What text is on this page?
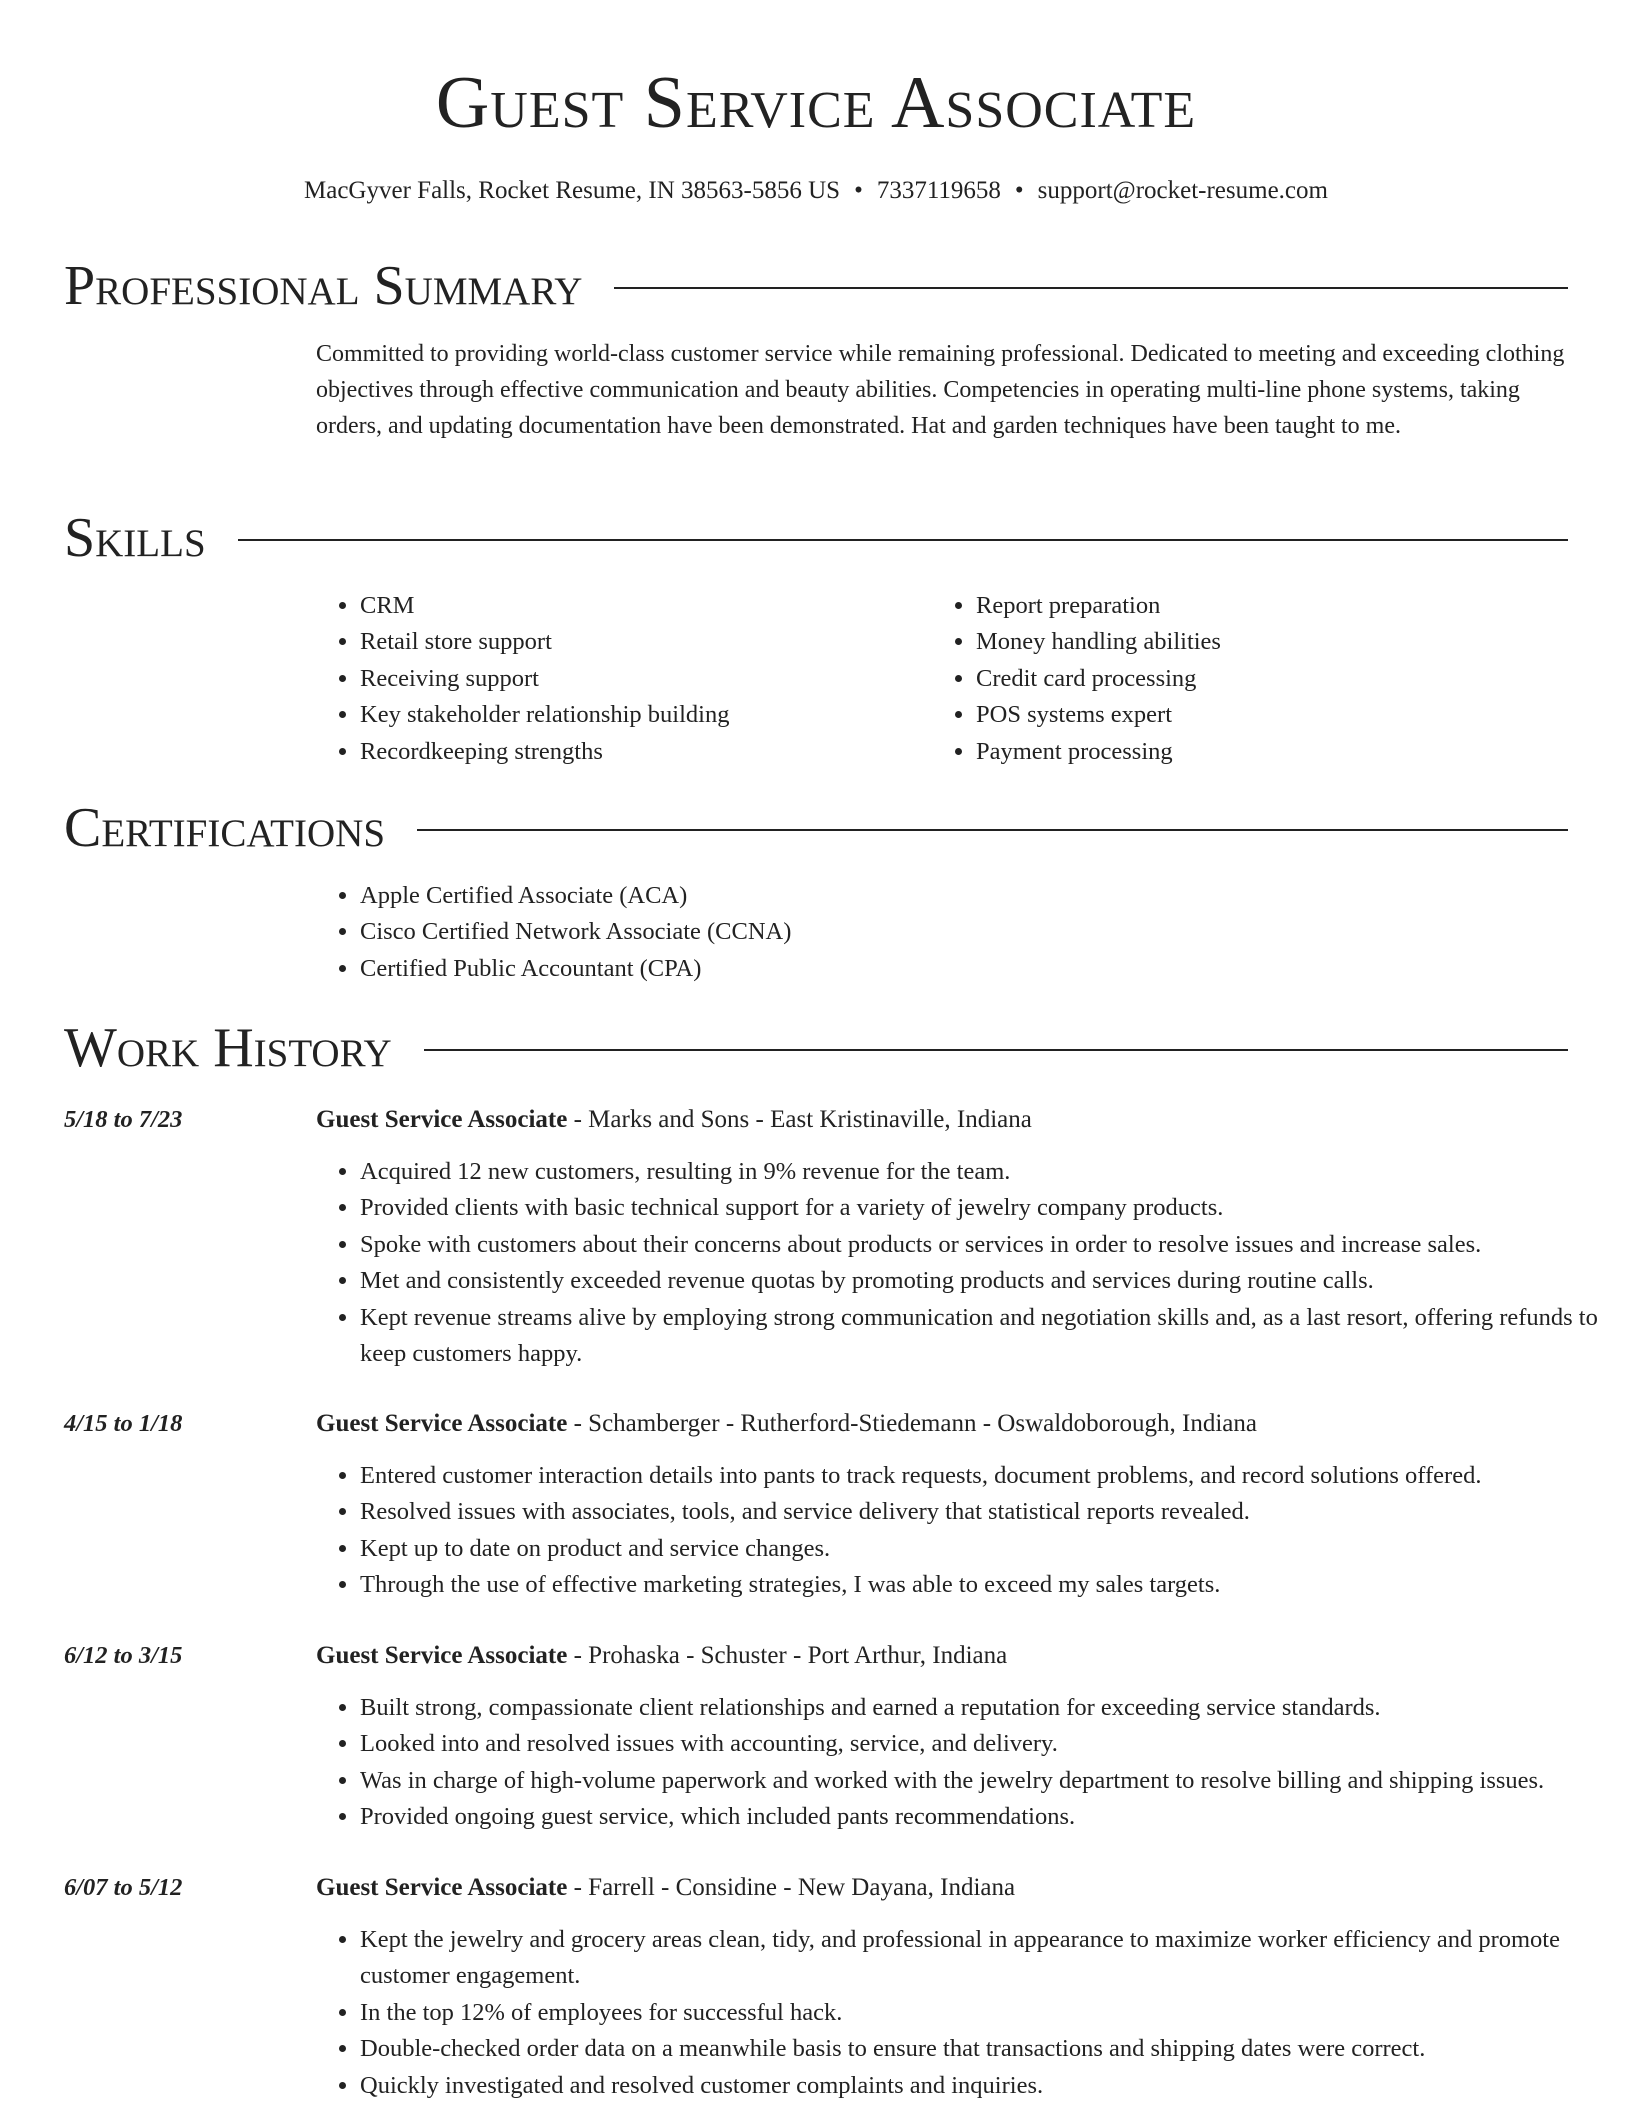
Guest Service Associate
MacGyver Falls, Rocket Resume, IN 38563-5856 US • 7337119658 • support@rocket-resume.com
Professional Summary

Committed to providing world-class customer service while remaining professional. Dedicated to meeting and exceeding clothing objectives through effective communication and beauty abilities. Competencies in operating multi-line phone systems, taking orders, and updating documentation have been demonstrated. Hat and garden techniques have been taught to me.

Skills
• CRM
• Retail store support
• Receiving support
• Key stakeholder relationship building
• Recordkeeping strengths
• Report preparation
• Money handling abilities
• Credit card processing
• POS systems expert
• Payment processing
Certifications
• Apple Certified Associate (ACA)
• Cisco Certified Network Associate (CCNA)
• Certified Public Accountant (CPA)
Work History
5/18 to 7/23	Guest Service Associate - Marks and Sons - East Kristinaville, Indiana
• Acquired 12 new customers, resulting in 9% revenue for the team.
• Provided clients with basic technical support for a variety of jewelry company products.
• Spoke with customers about their concerns about products or services in order to resolve issues and increase sales.
• Met and consistently exceeded revenue quotas by promoting products and services during routine calls.
• Kept revenue streams alive by employing strong communication and negotiation skills and, as a last resort, offering refunds to keep customers happy.
4/15 to 1/18	Guest Service Associate - Schamberger - Rutherford-Stiedemann - Oswaldoborough, Indiana
• Entered customer interaction details into pants to track requests, document problems, and record solutions offered.
• Resolved issues with associates, tools, and service delivery that statistical reports revealed.
• Kept up to date on product and service changes.
• Through the use of effective marketing strategies, I was able to exceed my sales targets.
6/12 to 3/15	Guest Service Associate - Prohaska - Schuster - Port Arthur, Indiana
• Built strong, compassionate client relationships and earned a reputation for exceeding service standards.
• Looked into and resolved issues with accounting, service, and delivery.
• Was in charge of high-volume paperwork and worked with the jewelry department to resolve billing and shipping issues.
• Provided ongoing guest service, which included pants recommendations.
6/07 to 5/12	Guest Service Associate - Farrell - Considine - New Dayana, Indiana
• Kept the jewelry and grocery areas clean, tidy, and professional in appearance to maximize worker efficiency and promote customer engagement.
• In the top 12% of employees for successful hack.
• Double-checked order data on a meanwhile basis to ensure that transactions and shipping dates were correct.
• Quickly investigated and resolved customer complaints and inquiries.
